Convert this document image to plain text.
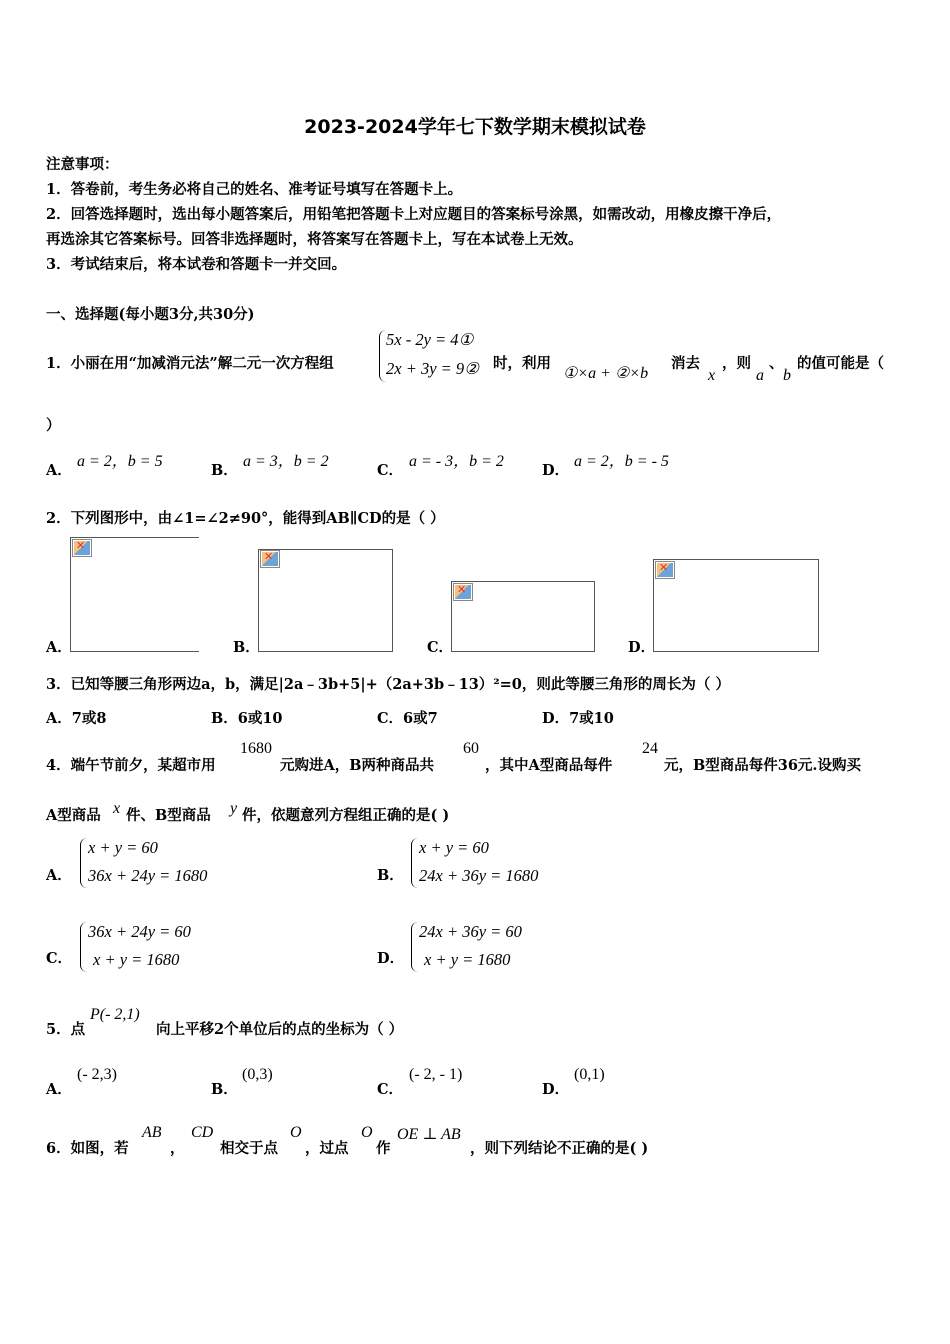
2023-2024学年七下数学期末模拟试卷
注意事项：
1．答卷前，考生务必将自己的姓名、准考证号填写在答题卡上。
2．回答选择题时，选出每小题答案后，用铅笔把答题卡上对应题目的答案标号涂黑，如需改动，用橡皮擦干净后，
再选涂其它答案标号。回答非选择题时，将答案写在答题卡上，写在本试卷上无效。
3．考试结束后，将本试卷和答题卡一并交回。
一、选择题(每小题3分,共30分)
1．小丽在用“加减消元法”解二元一次方程组
5x - 2y = 4①
2x + 3y = 9② 时，利用
①×a + ②×b
消去
x
，则
a
、
b
的值可能是（
）
A．
a = 2，b = 5
B．
a = 3，b = 2
C．
a = - 3，b = 2
D．
a = 2，b = - 5
2．下列图形中，由∠1=∠2≠90°，能得到AB∥CD的是（ ）
✕
✕
✕
✕
A．	B．	C．	D．
3．已知等腰三角形两边a，b，满足|2a﹣3b+5|+（2a+3b﹣13）²=0，则此等腰三角形的周长为（ ）
A．7或8	B．6或10	C．6或7	D．7或10
4．端午节前夕，某超市用
1680
元购进A，B两种商品共
60
，其中A型商品每件
24
元，B型商品每件36元.设购买
A型商品 x 件、B型商品 y 件，依题意列方程组正确的是( )
A．
x + y = 60
36x + 24y = 1680	B．
x + y = 60
24x + 36y = 1680
C．
36x + 24y = 60
x + y = 1680	D．
24x + 36y = 60
x + y = 1680
5．点
P(- 2,1)
向上平移2个单位后的点的坐标为（ ）
A．
(- 2,3)
B．
(0,3)
C．
(- 2, - 1)
D．
(0,1)
6．如图，若
AB
，
CD
相交于点
O
，过点
O
作
OE ⊥ AB
，则下列结论不正确的是( )
